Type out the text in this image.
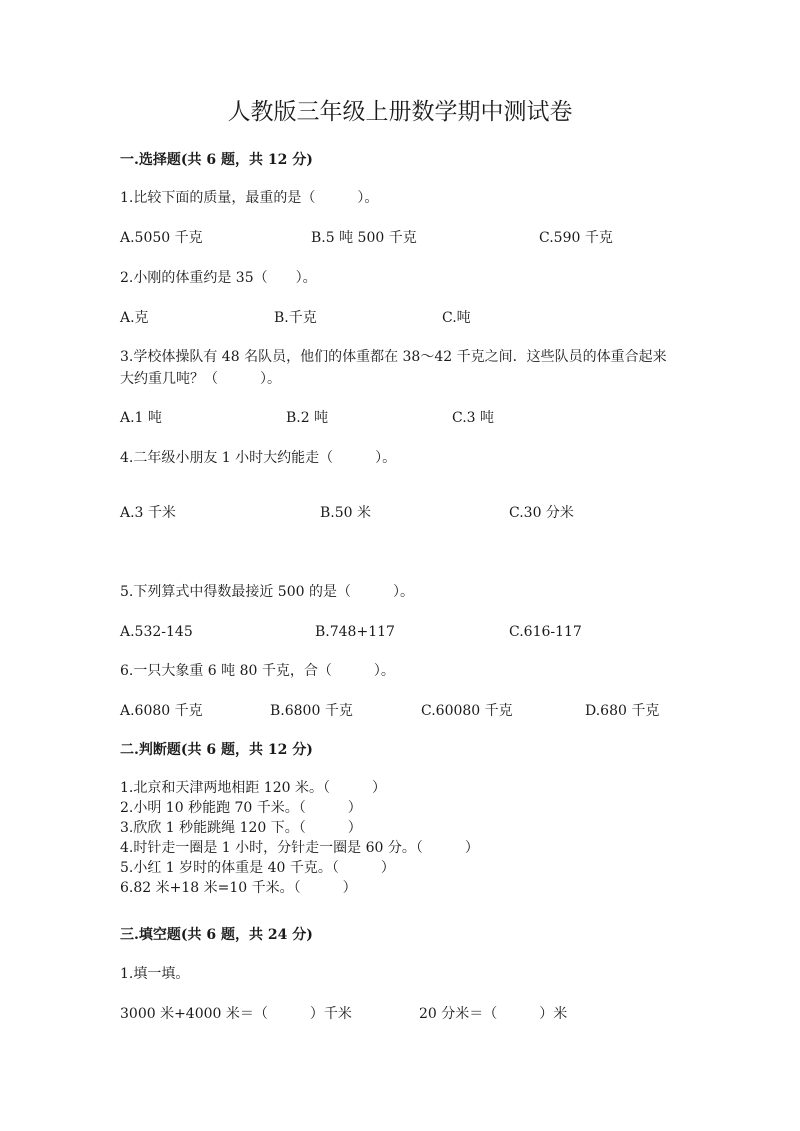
人教版三年级上册数学期中测试卷
一.选择题(共 6 题，共 12 分)
1.比较下面的质量，最重的是（　　　）。
A.5050 千克	B.5 吨 500 千克	C.590 千克
2.小刚的体重约是 35（　　）。
A.克	B.千克	C.吨
3.学校体操队有 48 名队员，他们的体重都在 38～42 千克之间．这些队员的体重合起来大约重几吨？（　　　）。
A.1 吨	B.2 吨	C.3 吨
4.二年级小朋友 1 小时大约能走（　　　）。
A.3 千米	B.50 米	C.30 分米
5.下列算式中得数最接近 500 的是（　　　）。
A.532-145	B.748+117	C.616-117
6.一只大象重 6 吨 80 千克，合（　　　）。
A.6080 千克	B.6800 千克	C.60080 千克	D.680 千克
二.判断题(共 6 题，共 12 分)
1.北京和天津两地相距 120 米。（　　　）
2.小明 10 秒能跑 70 千米。（　　　）
3.欣欣 1 秒能跳绳 120 下。（　　　）
4.时针走一圈是 1 小时，分针走一圈是 60 分。（　　　）
5.小红 1 岁时的体重是 40 千克。（　　　）
6.82 米+18 米=10 千米。（　　　）
三.填空题(共 6 题，共 24 分)
1.填一填。
3000 米+4000 米＝（　　　）千米	20 分米＝（　　　）米
